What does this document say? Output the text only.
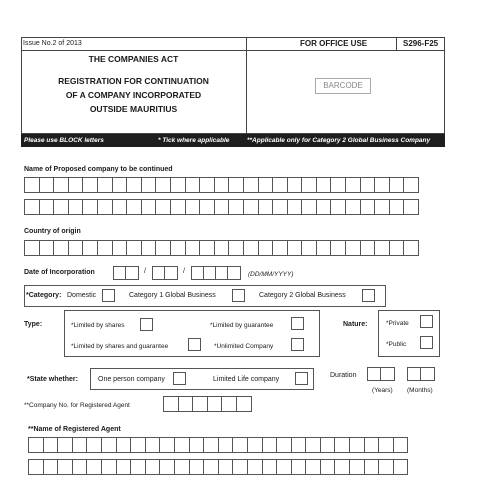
Issue No.2 of 2013	FOR OFFICE USE	S296-F25
THE COMPANIES ACT
REGISTRATION FOR CONTINUATION
OF A COMPANY INCORPORATED
OUTSIDE MAURITIUS
BARCODE
Please use BLOCK letters	* Tick where applicable	**Applicable only for Category 2 Global Business Company
Name of Proposed company to be continued
Country of origin
Date of Incorporation	/	/	(DD/MM/YYYY)
*Category: Domestic	Category 1 Global Business	Category 2 Global Business
Type:	*Limited by shares	*Limited by guarantee
*Limited by shares and guarantee	*Unlimited Company
Nature:	*Private
*Public
*State whether:	One person company	Limited Life company
Duration
(Years) (Months)
**Company No. for Registered Agent
**Name of Registered Agent
